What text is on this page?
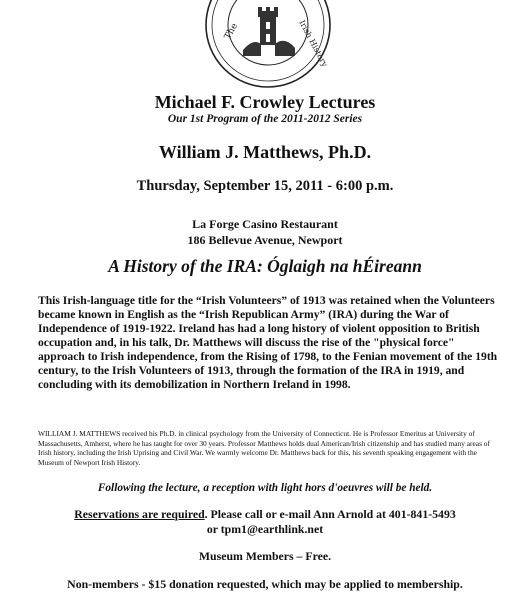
The	Irish History
Michael F. Crowley Lectures
Our 1st Program of the 2011-2012 Series
William J. Matthews, Ph.D.
Thursday, September 15, 2011 - 6:00 p.m.
La Forge Casino Restaurant
186 Bellevue Avenue, Newport
A History of the IRA: Óglaigh na hÉireann

This Irish-language title for the “Irish Volunteers” of 1913 was retained when the Volunteers became known in English as the “Irish Republican Army” (IRA) during the War of Independence of 1919-1922. Ireland has had a long history of violent opposition to British occupation and, in his talk, Dr. Matthews will discuss the rise of the "physical force" approach to Irish independence, from the Rising of 1798, to the Fenian movement of the 19th century, to the Irish Volunteers of 1913, through the formation of the IRA in 1919, and concluding with its demobilization in Northern Ireland in 1998.

WILLIAM J. MATTHEWS received his Ph.D. in clinical psychology from the University of Connecticut. He is Professor Emeritus at University of Massachusetts, Amherst, where he has taught for over 30 years. Professor Matthews holds dual American/Irish citizenship and has studied many areas of Irish history, including the Irish Uprising and Civil War. We warmly welcome Dr. Matthews back for this, his seventh speaking engagement with the Museum of Newport Irish History.

Following the lecture, a reception with light hors d'oeuvres will be held.
Reservations are required. Please call or e-mail Ann Arnold at 401-841-5493
or tpm1@earthlink.net
Museum Members – Free.
Non-members - $15 donation requested, which may be applied to membership.
